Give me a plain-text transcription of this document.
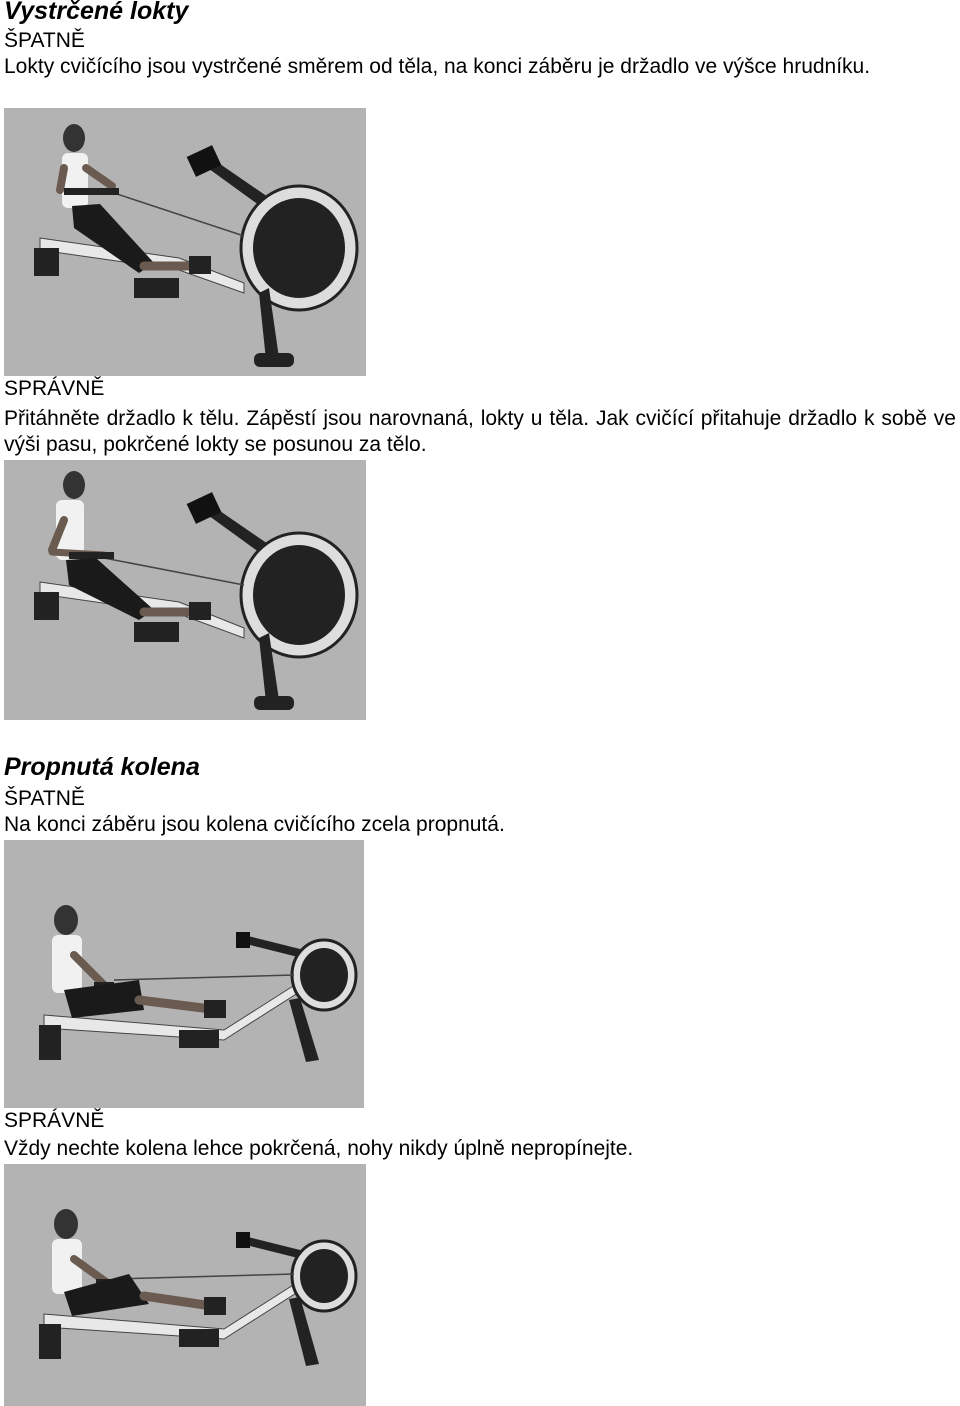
Vystrčené lokty
ŠPATNĚ
Lokty cvičícího jsou vystrčené směrem od těla, na konci záběru je držadlo ve výšce hrudníku.
SPRÁVNĚ
Přitáhněte držadlo k tělu. Zápěstí jsou narovnaná, lokty u těla. Jak cvičící přitahuje držadlo k sobě ve výši pasu, pokrčené lokty se posunou za tělo.
Propnutá kolena
ŠPATNĚ
Na konci záběru jsou kolena cvičícího zcela propnutá.
SPRÁVNĚ
Vždy nechte kolena lehce pokrčená, nohy nikdy úplně nepropínejte.
